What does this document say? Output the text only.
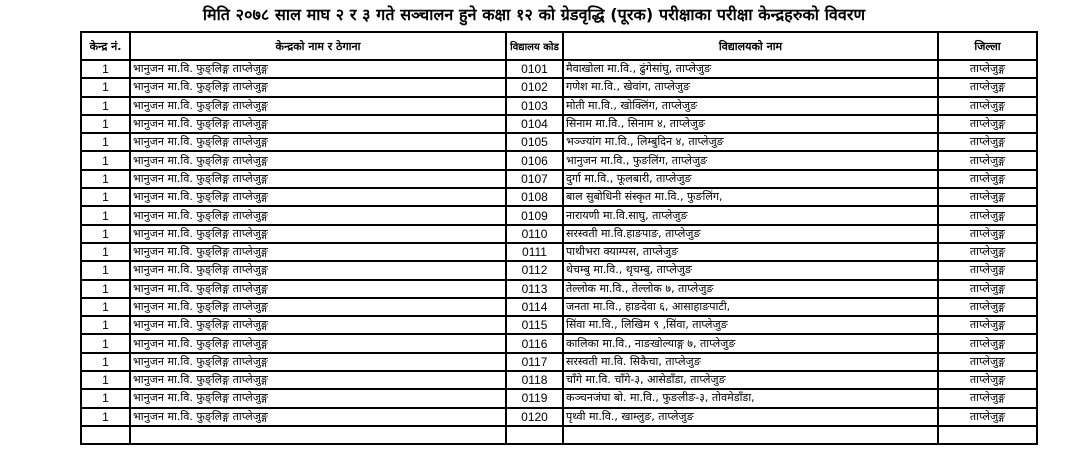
मिति २०७८ साल माघ २ र ३ गते सञ्चालन हुने कक्षा १२ को ग्रेडवृद्धि (पूरक) परीक्षाका परीक्षा केन्द्रहरुको विवरण
केन्द्र नं.	केन्द्रको नाम र ठेगाना	विद्यालय कोड	विद्यालयको नाम	जिल्ला
1	भानुजन मा.वि. फुङ्लिङ्ग ताप्लेजुङ्ग	0101	मैवाखोला मा.वि., ढुंगेसांघु, ताप्लेजुङ	ताप्लेजुङ्ग
1	भानुजन मा.वि. फुङ्लिङ्ग ताप्लेजुङ्ग	0102	गणेश मा.वि., खेवांग, ताप्लेजुङ	ताप्लेजुङ्ग
1	भानुजन मा.वि. फुङ्लिङ्ग ताप्लेजुङ्ग	0103	मोती मा.वि., खोक्लिंग, ताप्लेजुङ	ताप्लेजुङ्ग
1	भानुजन मा.वि. फुङ्लिङ्ग ताप्लेजुङ्ग	0104	सिनाम मा.वि., सिनाम ४, ताप्लेजुङ	ताप्लेजुङ्ग
1	भानुजन मा.वि. फुङ्लिङ्ग ताप्लेजुङ्ग	0105	भञ्ज्यांग मा.वि., लिम्बुदिन ४, ताप्लेजुङ	ताप्लेजुङ्ग
1	भानुजन मा.वि. फुङ्लिङ्ग ताप्लेजुङ्ग	0106	भानुजन मा.वि., फुङलिंग, ताप्लेजुङ	ताप्लेजुङ्ग
1	भानुजन मा.वि. फुङ्लिङ्ग ताप्लेजुङ्ग	0107	दुर्गा मा.वि., फूलबारी, ताप्लेजुङ	ताप्लेजुङ्ग
1	भानुजन मा.वि. फुङ्लिङ्ग ताप्लेजुङ्ग	0108	बाल सुबोधिनी संस्कृत मा.वि., फुङलिंग,	ताप्लेजुङ्ग
1	भानुजन मा.वि. फुङ्लिङ्ग ताप्लेजुङ्ग	0109	नारायणी मा.वि.साघु, ताप्लेजुङ	ताप्लेजुङ्ग
1	भानुजन मा.वि. फुङ्लिङ्ग ताप्लेजुङ्ग	0110	सरस्वती मा.वि.हाङपाङ, ताप्लेजुङ	ताप्लेजुङ्ग
1	भानुजन मा.वि. फुङ्लिङ्ग ताप्लेजुङ्ग	0111	पाथीभरा क्याम्पस, ताप्लेजुङ	ताप्लेजुङ्ग
1	भानुजन मा.वि. फुङ्लिङ्ग ताप्लेजुङ्ग	0112	थेचम्बु मा.वि., थृचम्बु, ताप्लेजुङ	ताप्लेजुङ्ग
1	भानुजन मा.वि. फुङ्लिङ्ग ताप्लेजुङ्ग	0113	तेल्लोक मा.वि., तेल्लोक ७, ताप्लेजुङ	ताप्लेजुङ्ग
1	भानुजन मा.वि. फुङ्लिङ्ग ताप्लेजुङ्ग	0114	जनता मा.वि., हाङदेवा ६, आसाहाङपाटी,	ताप्लेजुङ्ग
1	भानुजन मा.वि. फुङ्लिङ्ग ताप्लेजुङ्ग	0115	सिंवा मा.वि., लिखिम ९ ,सिंवा, ताप्लेजुङ	ताप्लेजुङ्ग
1	भानुजन मा.वि. फुङ्लिङ्ग ताप्लेजुङ्ग	0116	कालिका मा.वि., नाङखोल्याङ्ग ७, ताप्लेजुङ	ताप्लेजुङ्ग
1	भानुजन मा.वि. फुङ्लिङ्ग ताप्लेजुङ्ग	0117	सरस्वती मा.वि. सिकैचा, ताप्लेजुङ	ताप्लेजुङ्ग
1	भानुजन मा.वि. फुङ्लिङ्ग ताप्लेजुङ्ग	0118	चाँगे मा.वि. चाँगे-३, आसेडाँडा, ताप्लेजुङ	ताप्लेजुङ्ग
1	भानुजन मा.वि. फुङ्लिङ्ग ताप्लेजुङ्ग	0119	कञ्चनजंघा बो. मा.वि., फुङलीङ-३, तोवमेडाँडा,	ताप्लेजुङ्ग
1	भानुजन मा.वि. फुङ्लिङ्ग ताप्लेजुङ्ग	0120	पृथ्वी मा.वि., खाम्लुङ, ताप्लेजुङ	ताप्लेजुङ्ग
